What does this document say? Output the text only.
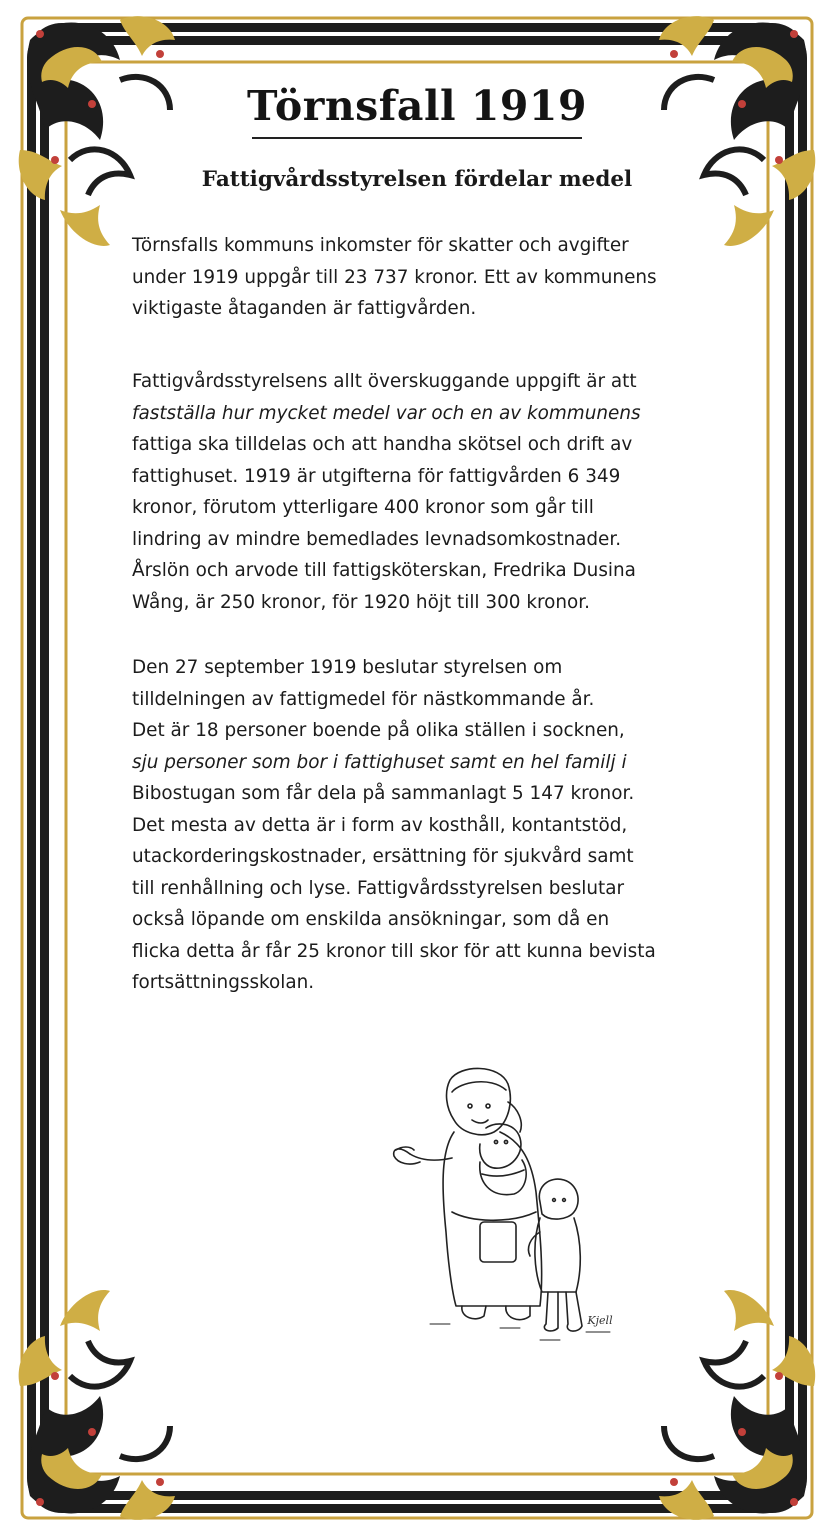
Törnsfall 1919
Fattigvårdsstyrelsen fördelar medel

Törnsfalls kommuns inkomster för skatter och avgifter
under 1919 uppgår till 23 737 kronor. Ett av kommunens
viktigaste åtaganden är fattigvården.

Fattigvårdsstyrelsens allt överskuggande uppgift är att
fastställa hur mycket medel var och en av kommunens
fattiga ska tilldelas och att handha skötsel och drift av
fattighuset. 1919 är utgifterna för fattigvården 6 349
kronor, förutom ytterligare 400 kronor som går till
lindring av mindre bemedlades levnadsomkostnader.
Årslön och arvode till fattigsköterskan, Fredrika Dusina
Wång, är 250 kronor, för 1920 höjt till 300 kronor.

Den 27 september 1919 beslutar styrelsen om
tilldelningen av fattigmedel för nästkommande år.
Det är 18 personer boende på olika ställen i socknen,
sju personer som bor i fattighuset samt en hel familj i
Bibostugan som får dela på sammanlagt 5 147 kronor.
Det mesta av detta är i form av kosthåll, kontantstöd,
utackorderingskostnader, ersättning för sjukvård samt
till renhållning och lyse. Fattigvårdsstyrelsen beslutar
också löpande om enskilda ansökningar, som då en
flicka detta år får 25 kronor till skor för att kunna bevista
fortsättningsskolan.

Kjell
